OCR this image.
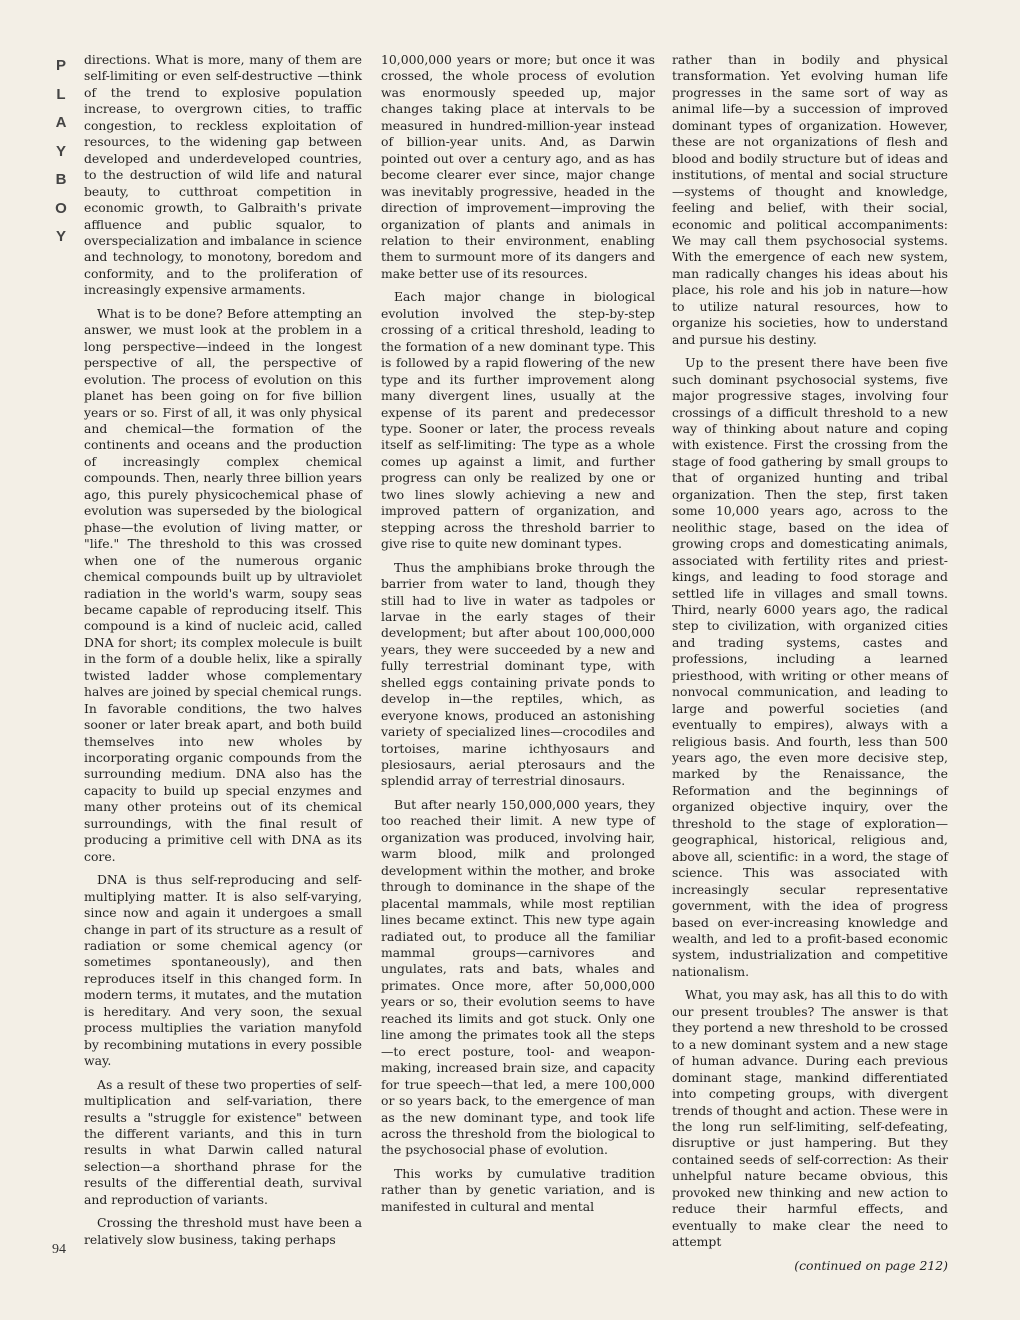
P
L
A
Y
B
O
Y
94

directions. What is more, many of them are self-limiting or even self-destructive —think of the trend to explosive population increase, to overgrown cities, to traffic congestion, to reckless exploitation of resources, to the widening gap between developed and underdeveloped countries, to the destruction of wild life and natural beauty, to cutthroat competition in economic growth, to Galbraith's private affluence and public squalor, to overspecialization and imbalance in science and technology, to monotony, boredom and conformity, and to the proliferation of increasingly expensive armaments.

What is to be done? Before attempting an answer, we must look at the problem in a long perspective—indeed in the longest perspective of all, the perspective of evolution. The process of evolution on this planet has been going on for five billion years or so. First of all, it was only physical and chemical—the formation of the continents and oceans and the production of increasingly complex chemical compounds. Then, nearly three billion years ago, this purely physicochemical phase of evolution was superseded by the biological phase—the evolution of living matter, or "life." The threshold to this was crossed when one of the numerous organic chemical compounds built up by ultraviolet radiation in the world's warm, soupy seas became capable of reproducing itself. This compound is a kind of nucleic acid, called DNA for short; its complex molecule is built in the form of a double helix, like a spirally twisted ladder whose complementary halves are joined by special chemical rungs. In favorable conditions, the two halves sooner or later break apart, and both build themselves into new wholes by incorporating organic compounds from the surrounding medium. DNA also has the capacity to build up special enzymes and many other proteins out of its chemical surroundings, with the final result of producing a primitive cell with DNA as its core.

DNA is thus self-reproducing and self-multiplying matter. It is also self-varying, since now and again it undergoes a small change in part of its structure as a result of radiation or some chemical agency (or sometimes spontaneously), and then reproduces itself in this changed form. In modern terms, it mutates, and the mutation is hereditary. And very soon, the sexual process multiplies the variation manyfold by recombining mutations in every possible way.

As a result of these two properties of self-multiplication and self-variation, there results a "struggle for existence" between the different variants, and this in turn results in what Darwin called natural selection—a shorthand phrase for the results of the differential death, survival and reproduction of variants.

Crossing the threshold must have been a relatively slow business, taking perhaps

10,000,000 years or more; but once it was crossed, the whole process of evolution was enormously speeded up, major changes taking place at intervals to be measured in hundred-million-year instead of billion-year units. And, as Darwin pointed out over a century ago, and as has become clearer ever since, major change was inevitably progressive, headed in the direction of improvement—improving the organization of plants and animals in relation to their environment, enabling them to surmount more of its dangers and make better use of its resources.

Each major change in biological evolution involved the step-by-step crossing of a critical threshold, leading to the formation of a new dominant type. This is followed by a rapid flowering of the new type and its further improvement along many divergent lines, usually at the expense of its parent and predecessor type. Sooner or later, the process reveals itself as self-limiting: The type as a whole comes up against a limit, and further progress can only be realized by one or two lines slowly achieving a new and improved pattern of organization, and stepping across the threshold barrier to give rise to quite new dominant types.

Thus the amphibians broke through the barrier from water to land, though they still had to live in water as tadpoles or larvae in the early stages of their development; but after about 100,000,000 years, they were succeeded by a new and fully terrestrial dominant type, with shelled eggs containing private ponds to develop in—the reptiles, which, as everyone knows, produced an astonishing variety of specialized lines—crocodiles and tortoises, marine ichthyosaurs and plesiosaurs, aerial pterosaurs and the splendid array of terrestrial dinosaurs.

But after nearly 150,000,000 years, they too reached their limit. A new type of organization was produced, involving hair, warm blood, milk and prolonged development within the mother, and broke through to dominance in the shape of the placental mammals, while most reptilian lines became extinct. This new type again radiated out, to produce all the familiar mammal groups—carnivores and ungulates, rats and bats, whales and primates. Once more, after 50,000,000 years or so, their evolution seems to have reached its limits and got stuck. Only one line among the primates took all the steps—to erect posture, tool- and weapon-making, increased brain size, and capacity for true speech—that led, a mere 100,000 or so years back, to the emergence of man as the new dominant type, and took life across the threshold from the biological to the psychosocial phase of evolution.

This works by cumulative tradition rather than by genetic variation, and is manifested in cultural and mental

rather than in bodily and physical transformation. Yet evolving human life progresses in the same sort of way as animal life—by a succession of improved dominant types of organization. However, these are not organizations of flesh and blood and bodily structure but of ideas and institutions, of mental and social structure—systems of thought and knowledge, feeling and belief, with their social, economic and political accompaniments: We may call them psychosocial systems. With the emergence of each new system, man radically changes his ideas about his place, his role and his job in nature—how to utilize natural resources, how to organize his societies, how to understand and pursue his destiny.

Up to the present there have been five such dominant psychosocial systems, five major progressive stages, involving four crossings of a difficult threshold to a new way of thinking about nature and coping with existence. First the crossing from the stage of food gathering by small groups to that of organized hunting and tribal organization. Then the step, first taken some 10,000 years ago, across to the neolithic stage, based on the idea of growing crops and domesticating animals, associated with fertility rites and priest-kings, and leading to food storage and settled life in villages and small towns. Third, nearly 6000 years ago, the radical step to civilization, with organized cities and trading systems, castes and professions, including a learned priesthood, with writing or other means of nonvocal communication, and leading to large and powerful societies (and eventually to empires), always with a religious basis. And fourth, less than 500 years ago, the even more decisive step, marked by the Renaissance, the Reformation and the beginnings of organized objective inquiry, over the threshold to the stage of exploration—geographical, historical, religious and, above all, scientific: in a word, the stage of science. This was associated with increasingly secular representative government, with the idea of progress based on ever-increasing knowledge and wealth, and led to a profit-based economic system, industrialization and competitive nationalism.

What, you may ask, has all this to do with our present troubles? The answer is that they portend a new threshold to be crossed to a new dominant system and a new stage of human advance. During each previous dominant stage, mankind differentiated into competing groups, with divergent trends of thought and action. These were in the long run self-limiting, self-defeating, disruptive or just hampering. But they contained seeds of self-correction: As their unhelpful nature became obvious, this provoked new thinking and new action to reduce their harmful effects, and eventually to make clear the need to attempt

(continued on page 212)
